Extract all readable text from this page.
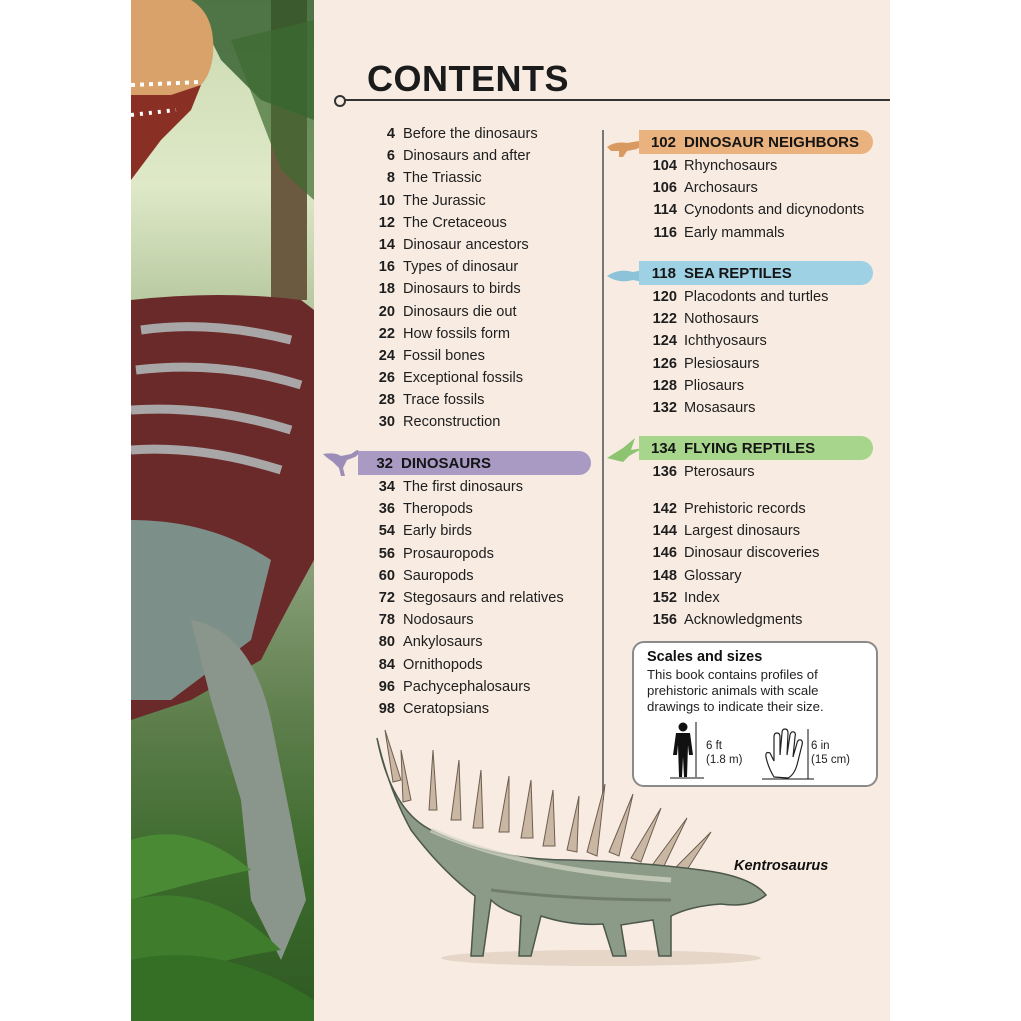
CONTENTS
4 Before the dinosaurs
6 Dinosaurs and after
8 The Triassic
10 The Jurassic
12 The Cretaceous
14 Dinosaur ancestors
16 Types of dinosaur
18 Dinosaurs to birds
20 Dinosaurs die out
22 How fossils form
24 Fossil bones
26 Exceptional fossils
28 Trace fossils
30 Reconstruction
32 DINOSAURS
34 The first dinosaurs
36 Theropods
54 Early birds
56 Prosauropods
60 Sauropods
72 Stegosaurs and relatives
78 Nodosaurs
80 Ankylosaurs
84 Ornithopods
96 Pachycephalosaurs
98 Ceratopsians
102 DINOSAUR NEIGHBORS
104 Rhynchosaurs
106 Archosaurs
114 Cynodonts and dicynodonts
116 Early mammals
118 SEA REPTILES
120 Placodonts and turtles
122 Nothosaurs
124 Ichthyosaurs
126 Plesiosaurs
128 Pliosaurs
132 Mosasaurs
134 FLYING REPTILES
136 Pterosaurs
142 Prehistoric records
144 Largest dinosaurs
146 Dinosaur discoveries
148 Glossary
152 Index
156 Acknowledgments
Scales and sizes

This book contains profiles of prehistoric animals with scale drawings to indicate their size.

6 ft
(1.8 m)
6 in
(15 cm)
Kentrosaurus
